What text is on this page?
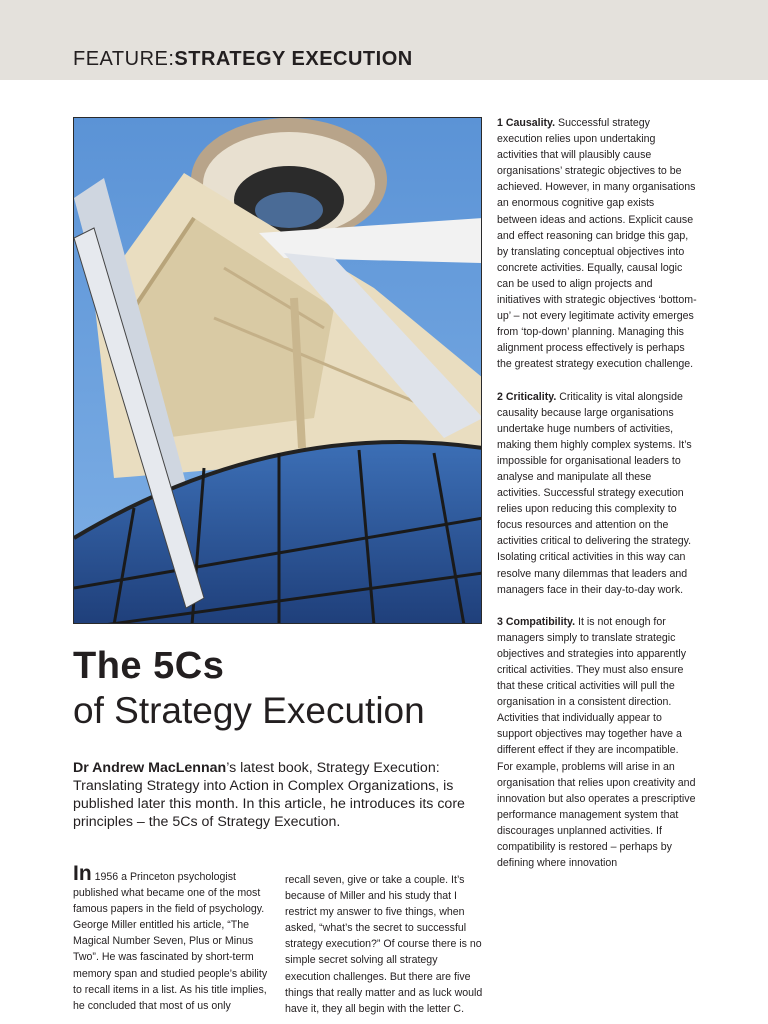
FEATURE:STRATEGY EXECUTION
The 5Cs
of Strategy Execution

Dr Andrew MacLennan’s latest book, Strategy Execution: Translating Strategy into Action in Complex Organizations, is published later this month. In this article, he introduces its core principles – the 5Cs of Strategy Execution.

In 1956 a Princeton psychologist published what became one of the most famous papers in the field of psychology. George Miller entitled his article, “The Magical Number Seven, Plus or Minus Two”. He was fascinated by short-term memory span and studied people’s ability to recall items in a list. As his title implies, he concluded that most of us only

recall seven, give or take a couple. It’s because of Miller and his study that I restrict my answer to five things, when asked, “what’s the secret to successful strategy execution?” Of course there is no simple secret solving all strategy execution challenges. But there are five things that really matter and as luck would have it, they all begin with the letter C.

1 Causality. Successful strategy execution relies upon undertaking activities that will plausibly cause organisations’ strategic objectives to be achieved. However, in many organisations an enormous cognitive gap exists between ideas and actions. Explicit cause and effect reasoning can bridge this gap, by translating conceptual objectives into concrete activities. Equally, causal logic can be used to align projects and initiatives with strategic objectives ‘bottom-up’ – not every legitimate activity emerges from ‘top-down’ planning. Managing this alignment process effectively is perhaps the greatest strategy execution challenge.

2 Criticality. Criticality is vital alongside causality because large organisations undertake huge numbers of activities, making them highly complex systems. It’s impossible for organisational leaders to analyse and manipulate all these activities. Successful strategy execution relies upon reducing this complexity to focus resources and attention on the activities critical to delivering the strategy. Isolating critical activities in this way can resolve many dilemmas that leaders and managers face in their day-to-day work.

3 Compatibility. It is not enough for managers simply to translate strategic objectives and strategies into apparently critical activities. They must also ensure that these critical activities will pull the organisation in a consistent direction. Activities that individually appear to support objectives may together have a different effect if they are incompatible. For example, problems will arise in an organisation that relies upon creativity and innovation but also operates a prescriptive performance management system that discourages unplanned activities. If compatibility is restored – perhaps by defining where innovation
